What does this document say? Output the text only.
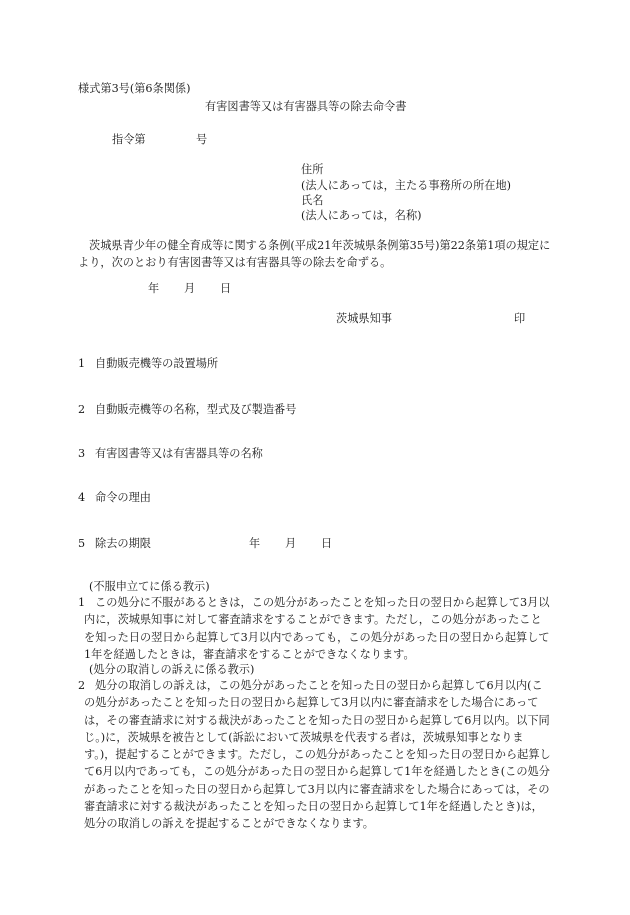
様式第3号(第6条関係)
有害図書等又は有害器具等の除去命令書
指令第	号
住所
(法人にあっては，主たる事務所の所在地)
氏名
(法人にあっては，名称)
茨城県青少年の健全育成等に関する条例(平成21年茨城県条例第35号)第22条第1項の規定により，次のとおり有害図書等又は有害器具等の除去を命ずる。
年 月 日
茨城県知事	印
1 自動販売機等の設置場所
2 自動販売機等の名称，型式及び製造番号
3 有害図書等又は有害器具等の名称
4 命令の理由
5 除去の期限	年 月 日
(不服申立てに係る教示)
1 この処分に不服があるときは，この処分があったことを知った日の翌日から起算して3月以内に，茨城県知事に対して審査請求をすることができます。ただし，この処分があったことを知った日の翌日から起算して3月以内であっても，この処分があった日の翌日から起算して1年を経過したときは，審査請求をすることができなくなります。
(処分の取消しの訴えに係る教示)
2 処分の取消しの訴えは，この処分があったことを知った日の翌日から起算して6月以内(この処分があったことを知った日の翌日から起算して3月以内に審査請求をした場合にあっては，その審査請求に対する裁決があったことを知った日の翌日から起算して6月以内。以下同じ。)に，茨城県を被告として(訴訟において茨城県を代表する者は，茨城県知事となります。)，提起することができます。ただし，この処分があったことを知った日の翌日から起算して6月以内であっても，この処分があった日の翌日から起算して1年を経過したとき(この処分があったことを知った日の翌日から起算して3月以内に審査請求をした場合にあっては，その審査請求に対する裁決があったことを知った日の翌日から起算して1年を経過したとき)は，処分の取消しの訴えを提起することができなくなります。
